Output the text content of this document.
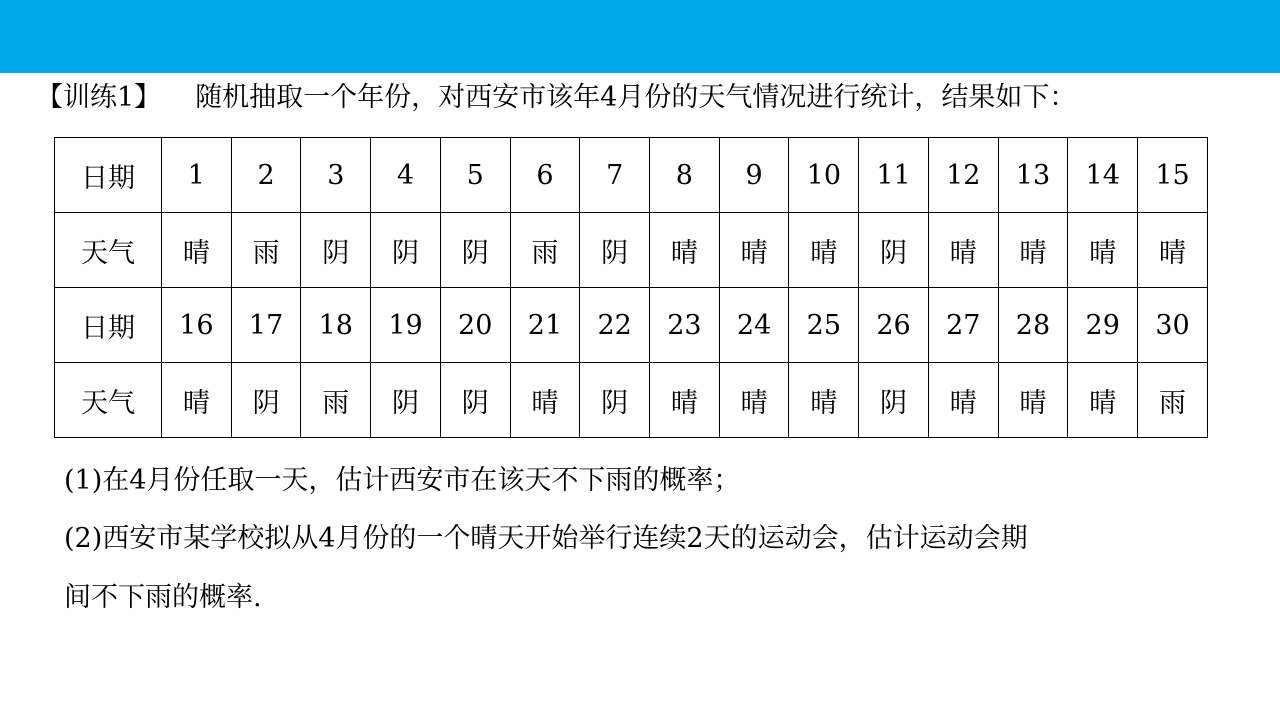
【训练1】 随机抽取一个年份，对西安市该年4月份的天气情况进行统计，结果如下：
日期	1	2	3	4	5	6	7	8	9	10	11	12	13	14	15
天气	晴	雨	阴	阴	阴	雨	阴	晴	晴	晴	阴	晴	晴	晴	晴
日期	16	17	18	19	20	21	22	23	24	25	26	27	28	29	30
天气	晴	阴	雨	阴	阴	晴	阴	晴	晴	晴	阴	晴	晴	晴	雨
(1)在4月份任取一天，估计西安市在该天不下雨的概率；
(2)西安市某学校拟从4月份的一个晴天开始举行连续2天的运动会，估计运动会期
间不下雨的概率.
